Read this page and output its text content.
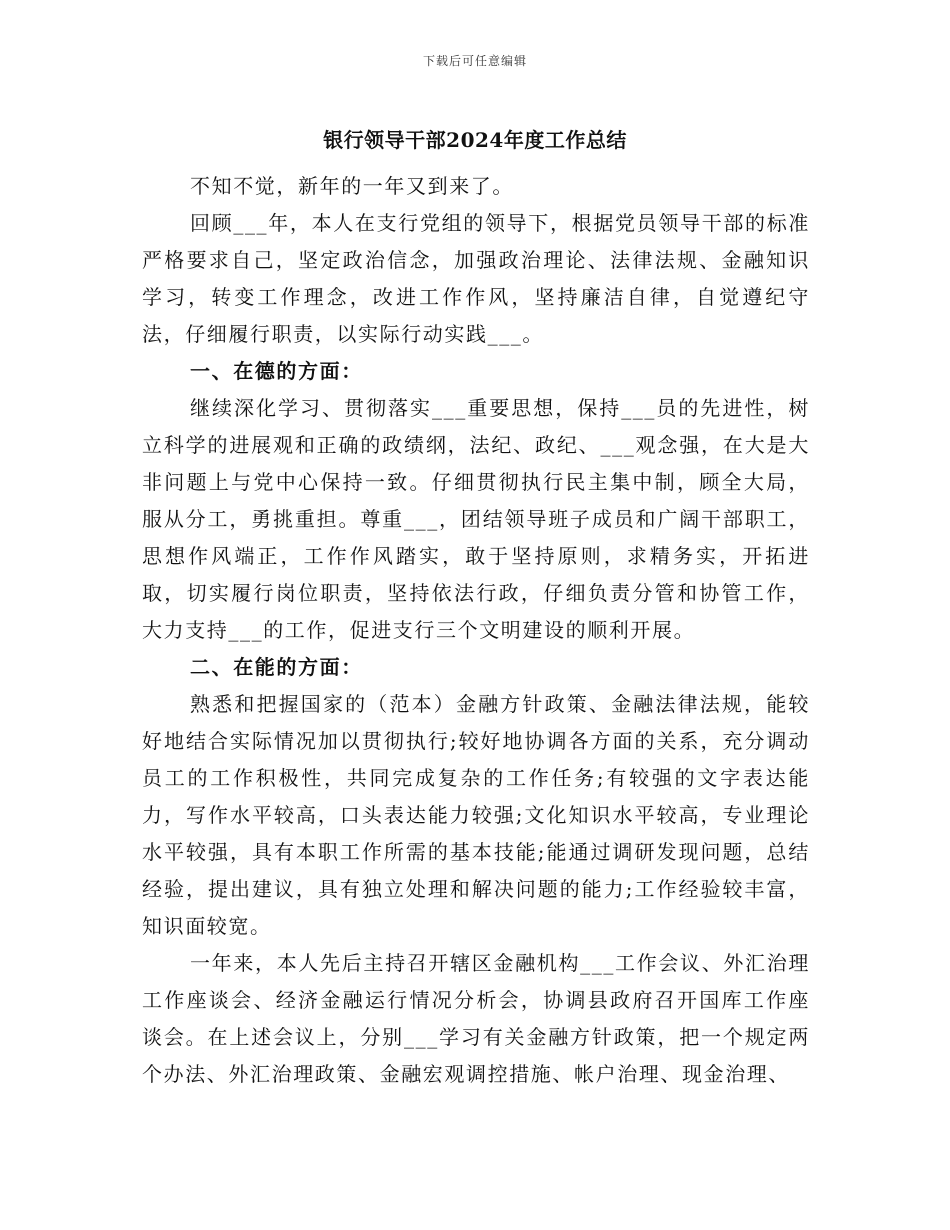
下载后可任意编辑
银行领导干部2024年度工作总结

不知不觉，新年的一年又到来了。

回顾___年，本人在支行党组的领导下，根据党员领导干部的标准严格要求自己，坚定政治信念，加强政治理论、法律法规、金融知识学习，转变工作理念，改进工作作风，坚持廉洁自律，自觉遵纪守法，仔细履行职责，以实际行动实践___。

一、在德的方面：

继续深化学习、贯彻落实___重要思想，保持___员的先进性，树立科学的进展观和正确的政绩纲，法纪、政纪、___观念强，在大是大非问题上与党中心保持一致。仔细贯彻执行民主集中制，顾全大局，服从分工，勇挑重担。尊重___，团结领导班子成员和广阔干部职工，思想作风端正，工作作风踏实，敢于坚持原则，求精务实，开拓进取，切实履行岗位职责，坚持依法行政，仔细负责分管和协管工作，大力支持___的工作，促进支行三个文明建设的顺利开展。

二、在能的方面：

熟悉和把握国家的（范本）金融方针政策、金融法律法规，能较好地结合实际情况加以贯彻执行;较好地协调各方面的关系，充分调动员工的工作积极性，共同完成复杂的工作任务;有较强的文字表达能力，写作水平较高，口头表达能力较强;文化知识水平较高，专业理论水平较强，具有本职工作所需的基本技能;能通过调研发现问题，总结经验，提出建议，具有独立处理和解决问题的能力;工作经验较丰富，知识面较宽。

一年来，本人先后主持召开辖区金融机构___工作会议、外汇治理工作座谈会、经济金融运行情况分析会，协调县政府召开国库工作座谈会。在上述会议上，分别___学习有关金融方针政策，把一个规定两个办法、外汇治理政策、金融宏观调控措施、帐户治理、现金治理、
